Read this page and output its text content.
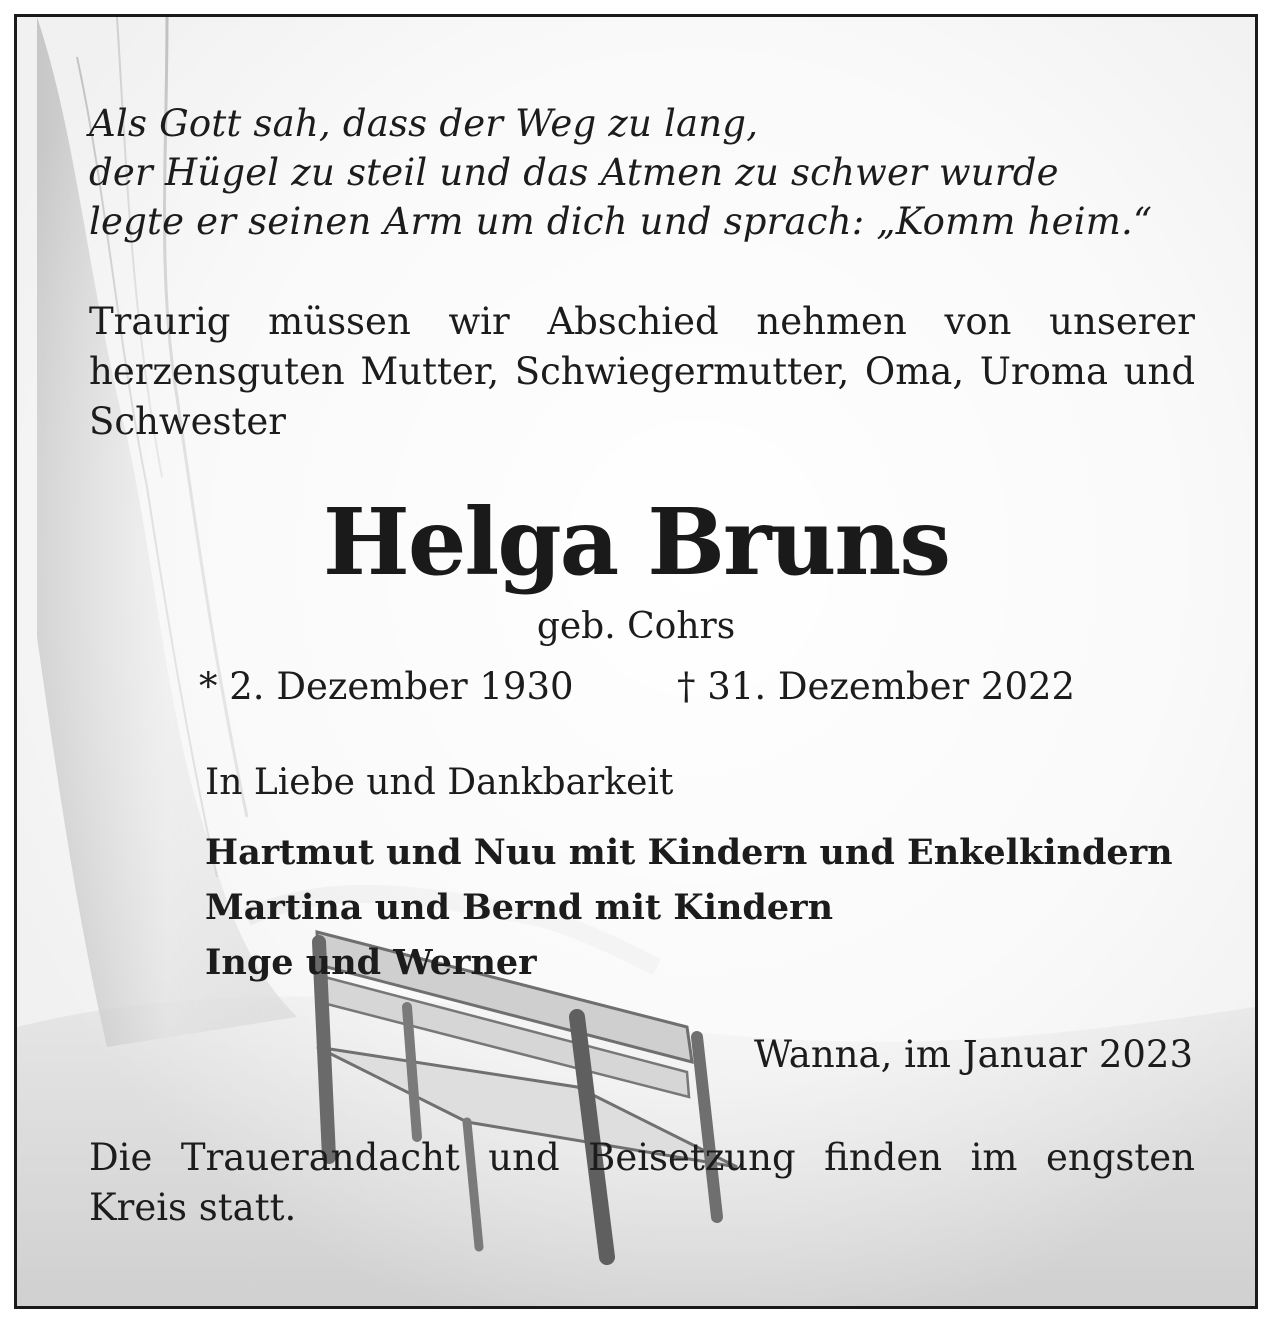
Als Gott sah, dass der Weg zu lang,
der Hügel zu steil und das Atmen zu schwer wurde
legte er seinen Arm um dich und sprach: „Komm heim.“
Traurig müssen wir Abschied nehmen von unserer herzensguten Mutter, Schwiegermutter, Oma, Uroma und Schwester
Helga Bruns
geb. Cohrs
* 2. Dezember 1930	† 31. Dezember 2022
In Liebe und Dankbarkeit
Hartmut und Nuu mit Kindern und Enkelkindern
Martina und Bernd mit Kindern
Inge und Werner
Wanna, im Januar 2023
Die Trauerandacht und Beisetzung finden im engsten Kreis statt.
